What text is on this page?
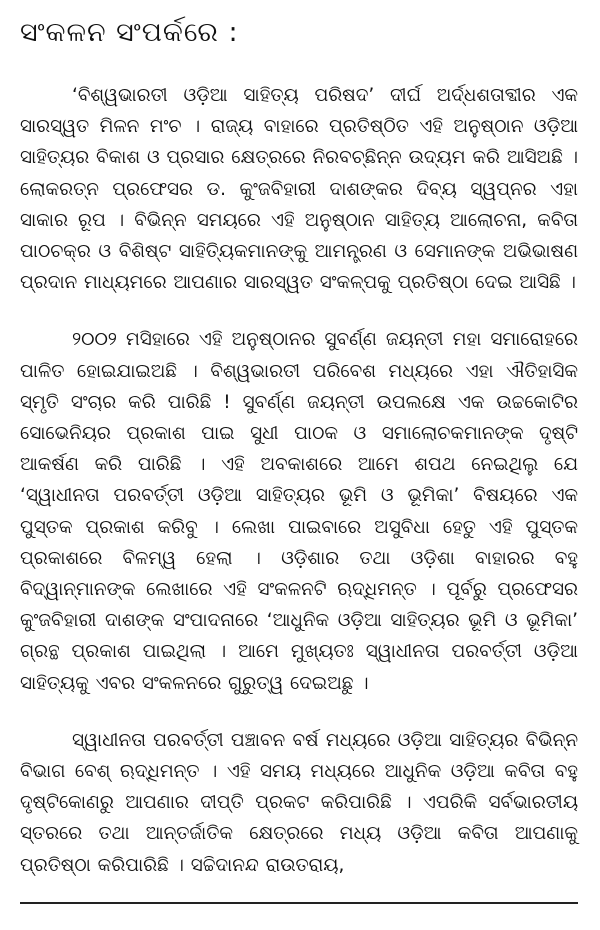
ସଂକଳନ ସଂପର୍କରେ :

‘ବିଶ୍ୱଭାରତୀ ଓଡ଼ିଆ ସାହିତ୍ୟ ପରିଷଦ’ ଦୀର୍ଘ ଅର୍ଦ୍ଧଶତାବ୍ଦୀର ଏକ ସାରସ୍ୱତ ମିଳନ ମଂଚ । ରାଜ୍ୟ ବାହାରେ ପ୍ରତିଷ୍ଠିତ ଏହି ଅନୁଷ୍ଠାନ ଓଡ଼ିଆ ସାହିତ୍ୟର ବିକାଶ ଓ ପ୍ରସାର କ୍ଷେତ୍ରରେ ନିରବଚ୍ଛିନ୍ନ ଉଦ୍ୟମ କରି ଆସିଅଛି । ଲୋକରତ୍ନ ପ୍ରଫେସର ଡ. କୁଂଜବିହାରୀ ଦାଶଙ୍କର ଦିବ୍ୟ ସ୍ୱପ୍ନର ଏହା ସାକାର ରୂପ । ବିଭିନ୍ନ ସମୟରେ ଏହି ଅନୁଷ୍ଠାନ ସାହିତ୍ୟ ଆଲୋଚନା, କବିତା ପାଠଚକ୍ର ଓ ବିଶିଷ୍ଟ ସାହିତ୍ୟିକମାନଙ୍କୁ ଆମନ୍ତ୍ରଣ ଓ ସେମାନଙ୍କ ଅଭିଭାଷଣ ପ୍ରଦାନ ମାଧ୍ୟମରେ ଆପଣାର ସାରସ୍ୱତ ସଂକଳ୍ପକୁ ପ୍ରତିଷ୍ଠା ଦେଇ ଆସିଛି ।

୨୦୦୨ ମସିହାରେ ଏହି ଅନୁଷ୍ଠାନର ସୁବର୍ଣ୍ଣ ଜୟନ୍ତୀ ମହା ସମାରୋହରେ ପାଳିତ ହୋଇଯାଇଅଛି । ବିଶ୍ୱଭାରତୀ ପରିବେଶ ମଧ୍ୟରେ ଏହା ଐତିହାସିକ ସ୍ମୃତି ସଂଚାର କରି ପାରିଛି ! ସୁବର୍ଣ୍ଣ ଜୟନ୍ତୀ ଉପଲକ୍ଷେ ଏକ ଉଚ୍ଚକୋଟିର ସୋଭେନିୟର ପ୍ରକାଶ ପାଇ ସୁଧୀ ପାଠକ ଓ ସମାଲୋଚକମାନଙ୍କ ଦୃଷ୍ଟି ଆକର୍ଷଣ କରି ପାରିଛି । ଏହି ଅବକାଶରେ ଆମେ ଶପଥ ନେଇଥିଲୁ ଯେ ‘ସ୍ୱାଧୀନତା ପରବର୍ତ୍ତୀ ଓଡ଼ିଆ ସାହିତ୍ୟର ଭୂମି ଓ ଭୂମିକା’ ବିଷୟରେ ଏକ ପୁସ୍ତକ ପ୍ରକାଶ କରିବୁ । ଲେଖା ପାଇବାରେ ଅସୁବିଧା ହେତୁ ଏହି ପୁସ୍ତକ ପ୍ରକାଶରେ ବିଳମ୍ୱ ହେଲା । ଓଡ଼ିଶାର ତଥା ଓଡ଼ିଶା ବାହାରର ବହୁ ବିଦ୍ୱାନ୍‌ମାନଙ୍କ ଲେଖାରେ ଏହି ସଂକଳନଟି ଋଦ୍ଧିମନ୍ତ । ପୂର୍ବରୁ ପ୍ରଫେସର କୁଂଜବିହାରୀ ଦାଶଙ୍କ ସଂପାଦନାରେ ‘ଆଧୁନିକ ଓଡ଼ିଆ ସାହିତ୍ୟର ଭୂମି ଓ ଭୂମିକା’ ଗ୍ରନ୍ଥ ପ୍ରକାଶ ପାଇଥିଲା । ଆମେ ମୁଖ୍ୟତଃ ସ୍ୱାଧୀନତା ପରବର୍ତ୍ତୀ ଓଡ଼ିଆ ସାହିତ୍ୟକୁ ଏବର ସଂକଳନରେ ଗୁରୁତ୍ୱ ଦେଇଅଛୁ ।

ସ୍ୱାଧୀନତା ପରବର୍ତ୍ତୀ ପଞ୍ଚାବନ ବର୍ଷ ମଧ୍ୟରେ ଓଡ଼ିଆ ସାହିତ୍ୟର ବିଭିନ୍ନ ବିଭାଗ ବେଶ୍ ଋଦ୍ଧିମନ୍ତ । ଏହି ସମୟ ମଧ୍ୟରେ ଆଧୁନିକ ଓଡ଼ିଆ କବିତା ବହୁ ଦୃଷ୍ଟିକୋଣରୁ ଆପଣାର ଦୀପ୍ତି ପ୍ରକଟ କରିପାରିଛି । ଏପରିକି ସର୍ବଭାରତୀୟ ସ୍ତରରେ ତଥା ଆନ୍ତର୍ଜାତିକ କ୍ଷେତ୍ରରେ ମଧ୍ୟ ଓଡ଼ିଆ କବିତା ଆପଣାକୁ ପ୍ରତିଷ୍ଠା କରିପାରିଛି । ସଚ୍ଚିଦାନନ୍ଦ ରାଉତରାୟ,
